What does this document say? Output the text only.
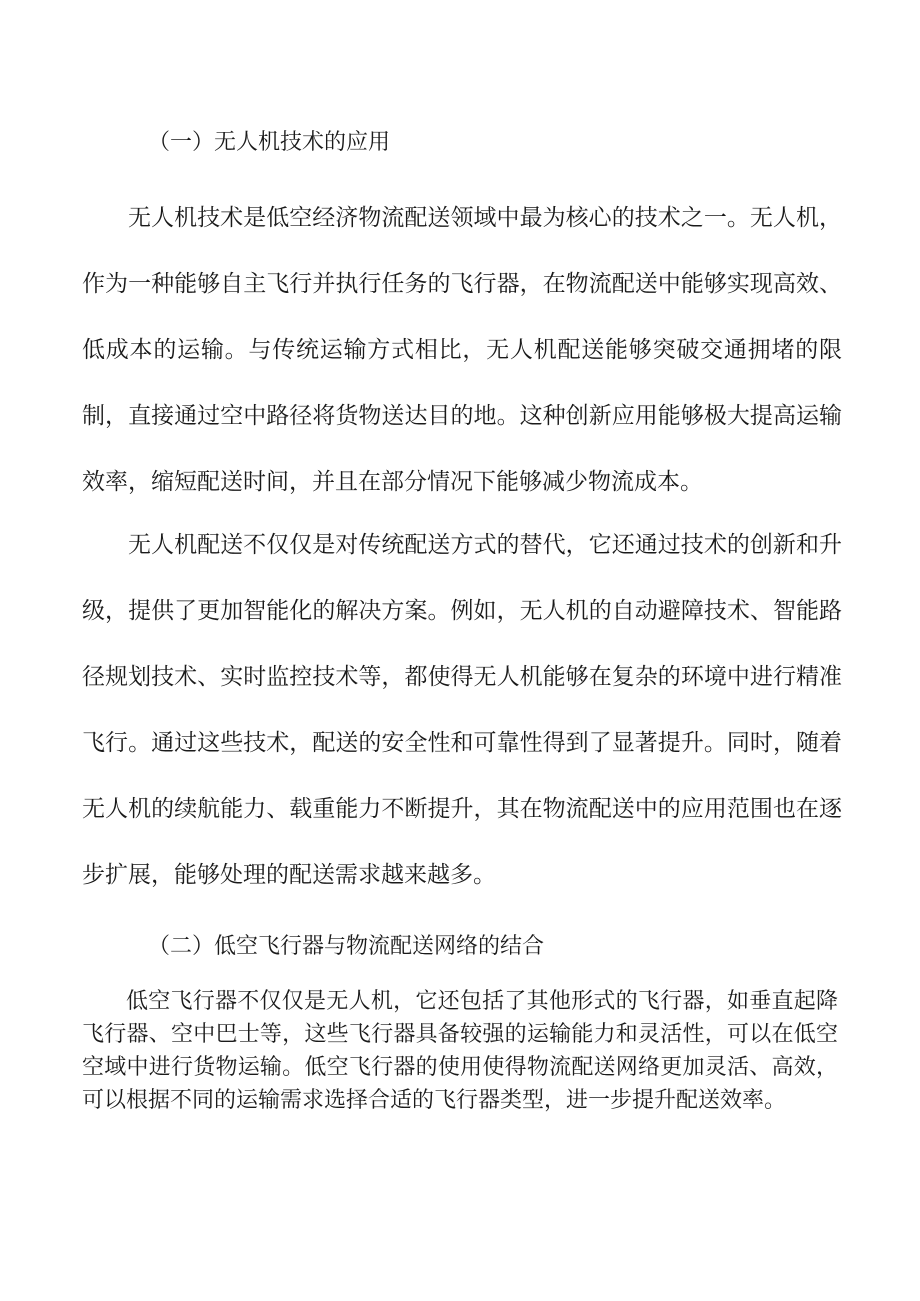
（一）无人机技术的应用

无人机技术是低空经济物流配送领域中最为核心的技术之一。无人机，作为一种能够自主飞行并执行任务的飞行器，在物流配送中能够实现高效、低成本的运输。与传统运输方式相比，无人机配送能够突破交通拥堵的限制，直接通过空中路径将货物送达目的地。这种创新应用能够极大提高运输效率，缩短配送时间，并且在部分情况下能够减少物流成本。

无人机配送不仅仅是对传统配送方式的替代，它还通过技术的创新和升级，提供了更加智能化的解决方案。例如，无人机的自动避障技术、智能路径规划技术、实时监控技术等，都使得无人机能够在复杂的环境中进行精准飞行。通过这些技术，配送的安全性和可靠性得到了显著提升。同时，随着无人机的续航能力、载重能力不断提升，其在物流配送中的应用范围也在逐步扩展，能够处理的配送需求越来越多。

（二）低空飞行器与物流配送网络的结合

低空飞行器不仅仅是无人机，它还包括了其他形式的飞行器，如垂直起降飞行器、空中巴士等，这些飞行器具备较强的运输能力和灵活性，可以在低空空域中进行货物运输。低空飞行器的使用使得物流配送网络更加灵活、高效，可以根据不同的运输需求选择合适的飞行器类型，进一步提升配送效率。
